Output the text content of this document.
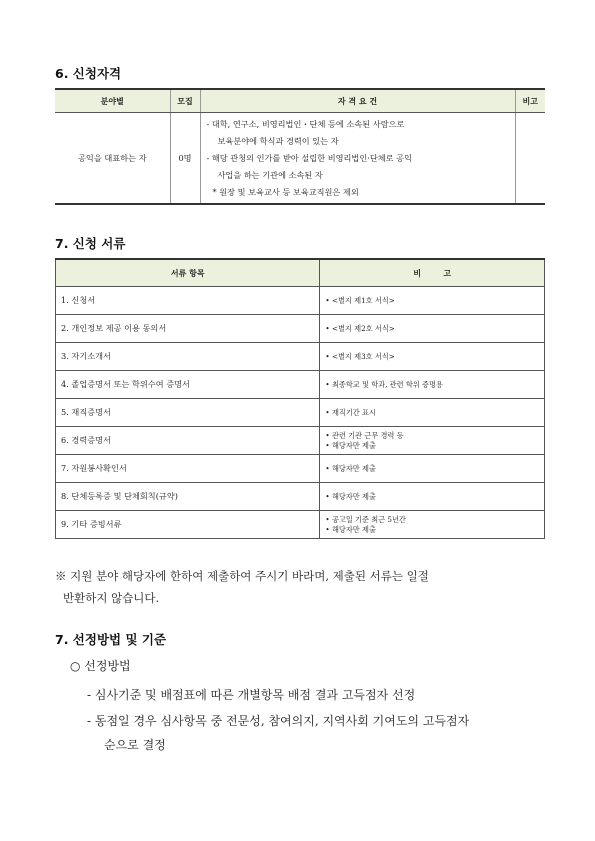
6. 신청자격
분야별	모집	자 격 요 건	비고
공익을 대표하는 자	0명	- 대학, 연구소, 비영리법인・단체 등에 소속된 사람으로
보육분야에 학식과 경력이 있는 자
- 해당 관청의 인가를 받아 설립한 비영리법인·단체로 공익
사업을 하는 기관에 소속된 자
* 원장 및 보육교사 등 보육교직원은 제외	

7. 신청 서류
서류 항목	비        고
1. 신청서	• <별지 제1호 서식>

2. 개인정보 제공 이용 동의서	• <별지 제2호 서식>

3. 자기소개서	• <별지 제3호 서식>

4. 졸업증명서 또는 학위수여 증명서	• 최종학교 및 학과, 관련 학위 증명용

5. 재직증명서	• 재직기간 표시

6. 경력증명서	• 관련 기관 근무 경력 등
• 해당자만 제출

7. 자원봉사확인서	• 해당자만 제출

8. 단체등록증 및 단체회칙(규약)	• 해당자만 제출

9. 기타 증빙서류	• 공고일 기준 최근 5년간
• 해당자만 제출
※ 지원 분야 해당자에 한하여 제출하여 주시기 바라며, 제출된 서류는 일절
반환하지 않습니다.
7. 선정방법 및 기준
○ 선정방법
- 심사기준 및 배점표에 따른 개별항목 배점 결과 고득점자 선정
- 동점일 경우 심사항목 중 전문성, 참여의지, 지역사회 기여도의 고득점자
순으로 결정
